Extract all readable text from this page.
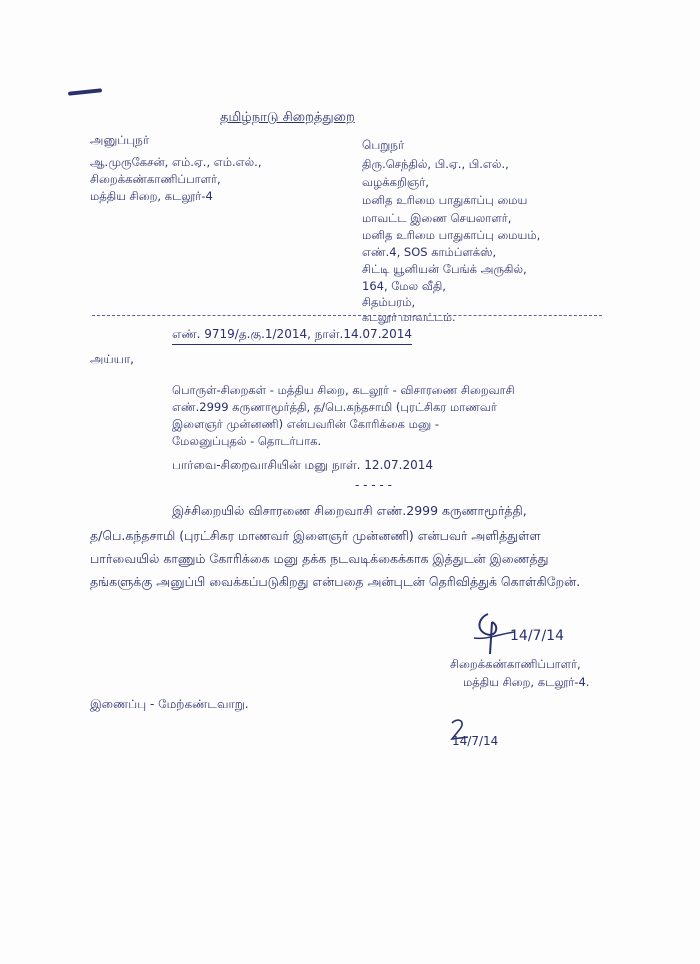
தமிழ்நாடு சிறைத்துறை
அனுப்புநர்
ஆ.முருகேசன், எம்.ஏ., எம்.எல்.,
சிறைக்கண்காணிப்பாளர்,
மத்திய சிறை, கடலூர்-4
பெறுநர்
திரு.செந்தில், பி.ஏ., பி.எல்.,
வழக்கறிஞர்,
மனித உரிமை பாதுகாப்பு மைய
மாவட்ட இணை செயலாளர்,
மனித உரிமை பாதுகாப்பு மையம்,
எண்.4, SOS காம்ப்ளக்ஸ்,
சிட்டி யூனியன் பேங்க் அருகில்,
164, மேல வீதி,
சிதம்பரம்,
கடலூர் மாவட்டம்.
எண். 9719/த.கு.1/2014, நாள்.14.07.2014
அய்யா,
பொருள்-சிறைகள் - மத்திய சிறை, கடலூர் - விசாரணை சிறைவாசி
எண்.2999 கருணாமூர்த்தி, த/பெ.கந்தசாமி (புரட்சிகர மாணவர்
இளைஞர் முன்னணி) என்பவரின் கோரிக்கை மனு -
மேலனுப்புதல் - தொடர்பாக.
பார்வை-சிறைவாசியின் மனு நாள். 12.07.2014
- - - - -
இச்சிறையில் விசாரணை சிறைவாசி எண்.2999 கருணாமூர்த்தி,
த/பெ.கந்தசாமி (புரட்சிகர மாணவர் இளைஞர் முன்னணி) என்பவர் அளித்துள்ள
பார்வையில் காணும் கோரிக்கை மனு தக்க நடவடிக்கைக்காக இத்துடன் இணைத்து
தங்களுக்கு அனுப்பி வைக்கப்படுகிறது என்பதை அன்புடன் தெரிவித்துக் கொள்கிறேன்.
14/7/14
சிறைக்கண்காணிப்பாளர்,
மத்திய சிறை, கடலூர்-4.
இணைப்பு - மேற்கண்டவாறு.
14/7/14
